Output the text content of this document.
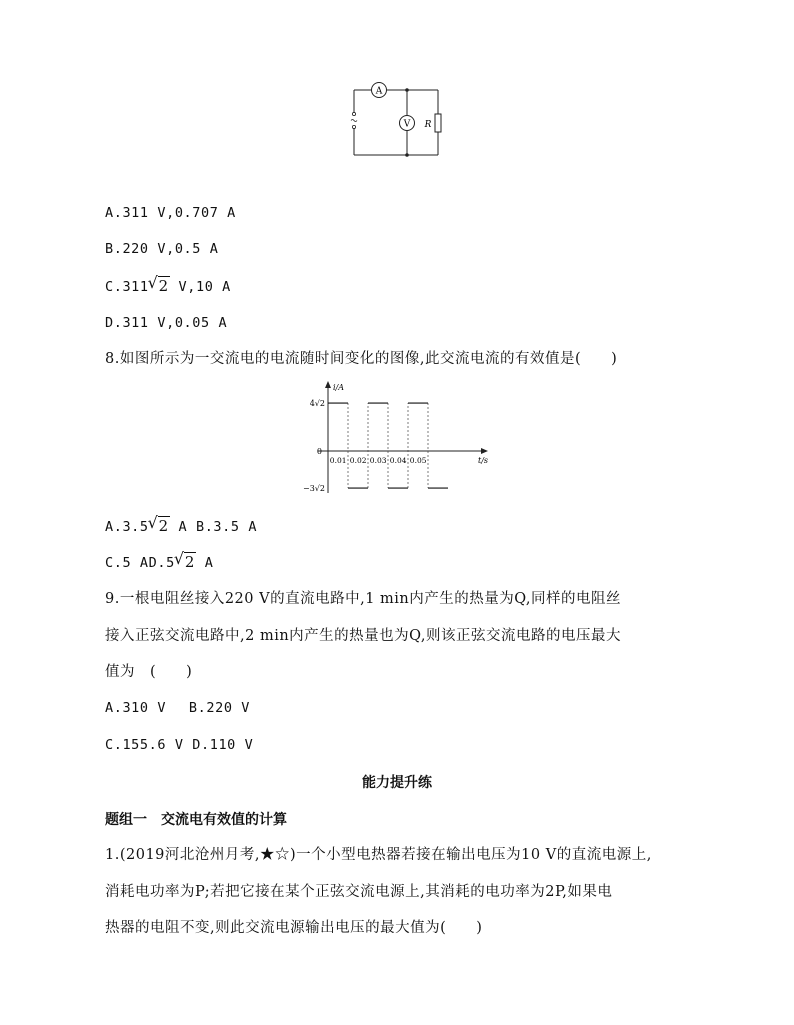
A
V R
A.311 V,0.707 A
B.220 V,0.5 A
C.311 √ 2 V,10 A
D.311 V,0.05 A
8.如图所示为一交流电的电流随时间变化的图像,此交流电流的有效值是(　　)
i/A
t/s
0
4√2
−3√2
0.01 0.02 0.03 0.04 0.05
A.3.5 √ 2 A B.3.5 A
C.5 AD.5 √ 2 A
9.一根电阻丝接入220 V的直流电路中,1 min内产生的热量为Q,同样的电阻丝
接入正弦交流电路中,2 min内产生的热量也为Q,则该正弦交流电路的电压最大
值为　(　　)
A.310 V　 B.220 V
C.155.6 V D.110 V
能力提升练
题组一　交流电有效值的计算
1.(2019河北沧州月考,★☆)一个小型电热器若接在输出电压为10 V的直流电源上,
消耗电功率为P;若把它接在某个正弦交流电源上,其消耗的电功率为2P,如果电
热器的电阻不变,则此交流电源输出电压的最大值为(　　)
